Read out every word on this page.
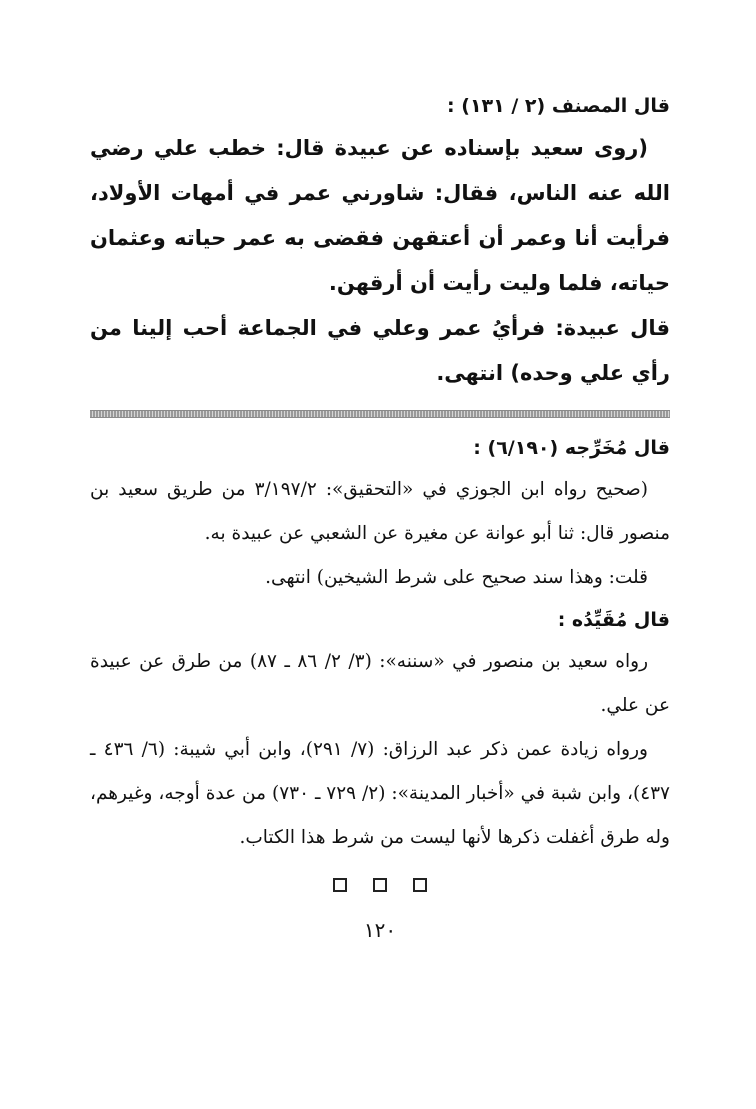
قال المصنف (٢ / ١٣١) :

(روى سعيد بإسناده عن عبيدة قال: خطب علي رضي الله عنه الناس، فقال: شاورني عمر في أمهات الأولاد، فرأيت أنا وعمر أن أعتقهن فقضى به عمر حياته وعثمان حياته، فلما وليت رأيت أن أرقهن.

قال عبيدة: فرأيُ عمر وعلي في الجماعة أحب إلينا من رأي علي وحده) انتهى.

قال مُخَرِّجه (٦/١٩٠) :

(صحيح رواه ابن الجوزي في «التحقيق»: ٣/١٩٧/٢ من طريق سعيد بن منصور قال: ثنا أبو عوانة عن مغيرة عن الشعبي عن عبيدة به.

قلت: وهذا سند صحيح على شرط الشيخين) انتهى.

قال مُقَيِّدُه :

رواه سعيد بن منصور في «سننه»: (٣/ ٢/ ٨٦ ـ ٨٧) من طرق عن عبيدة عن علي.

ورواه زيادة عمن ذكر عبد الرزاق: (٧/ ٢٩١)، وابن أبي شيبة: (٦/ ٤٣٦ ـ ٤٣٧)، وابن شبة في «أخبار المدينة»: (٢/ ٧٢٩ ـ ٧٣٠) من عدة أوجه، وغيرهم، وله طرق أغفلت ذكرها لأنها ليست من شرط هذا الكتاب.

١٢٠
